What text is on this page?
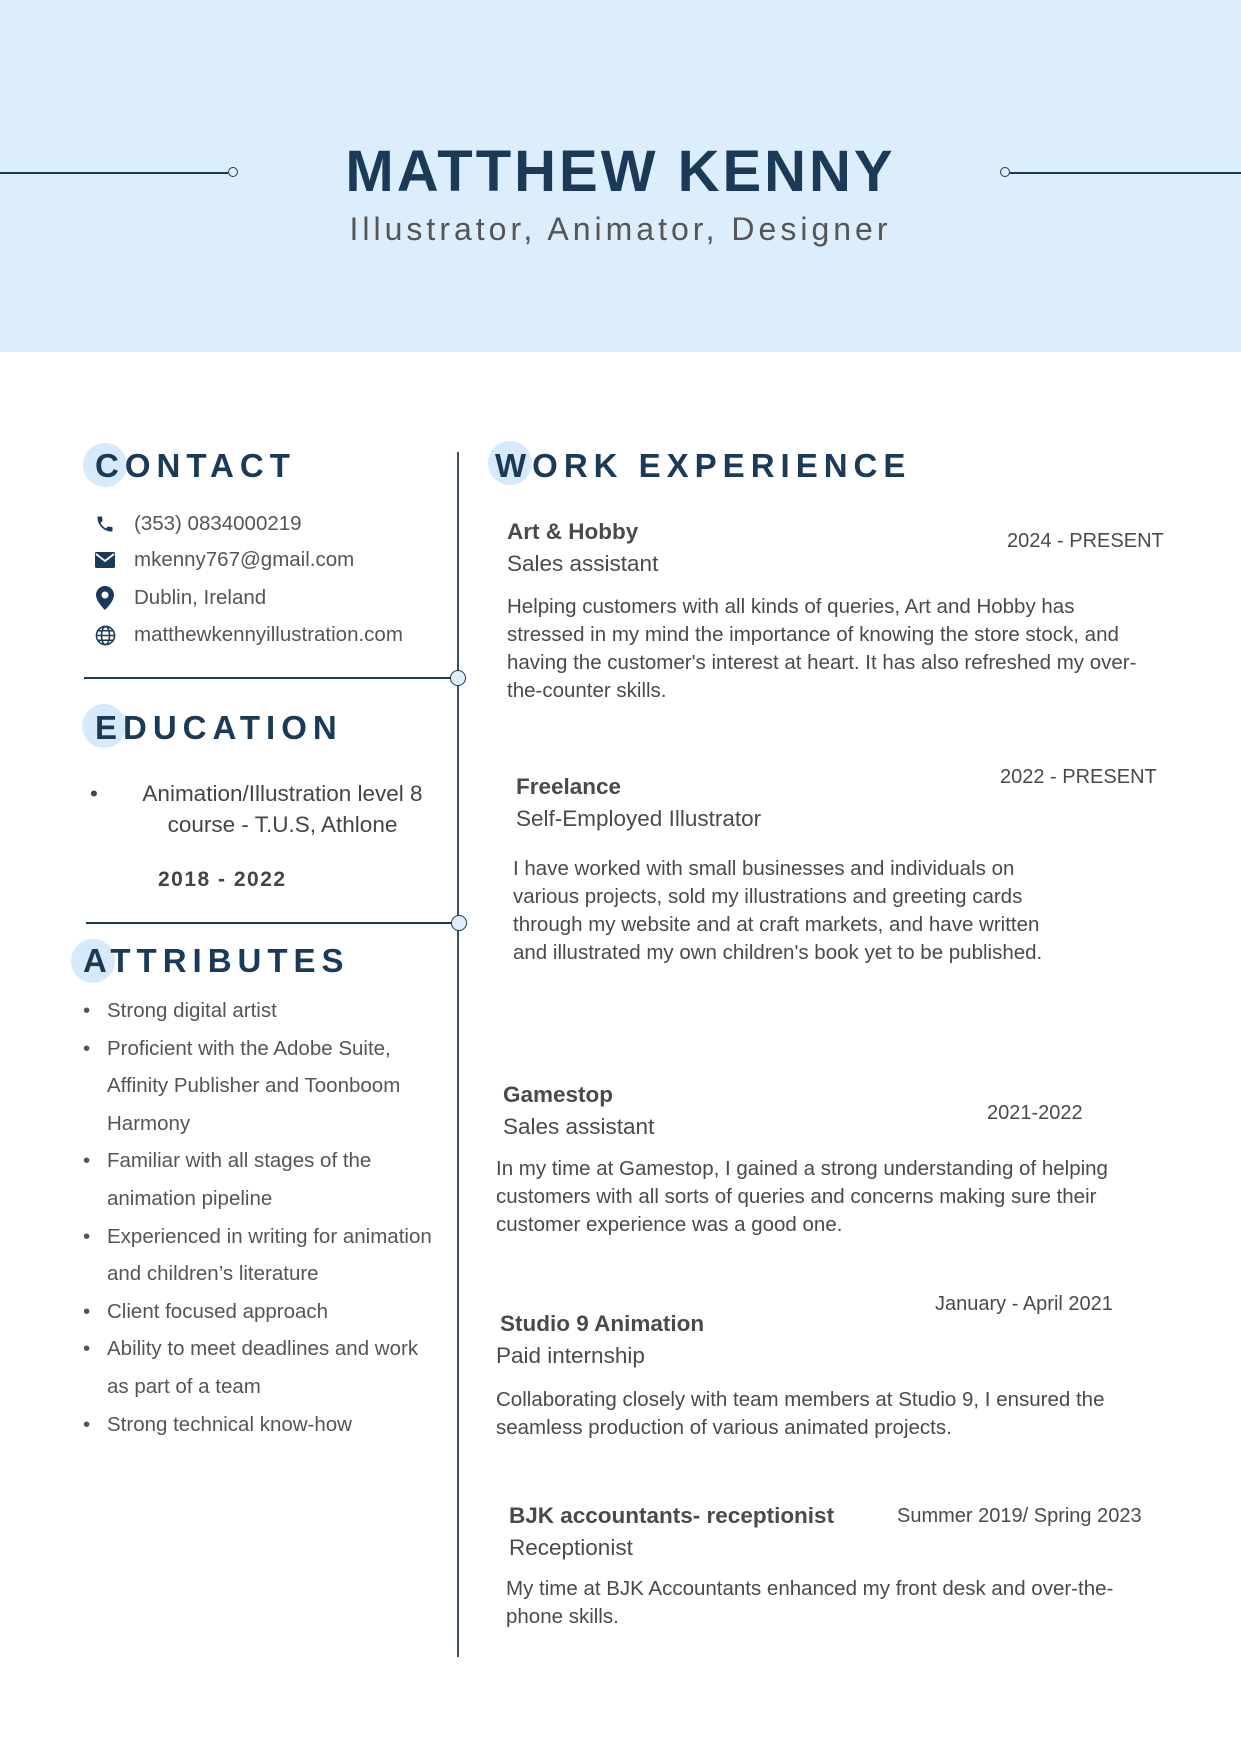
MATTHEW KENNY
Illustrator, Animator, Designer
CONTACT
(353) 0834000219
mkenny767@gmail.com
Dublin, Ireland
matthewkennyillustration.com
EDUCATION
•	Animation/Illustration level 8 course - T.U.S, Athlone
2018 - 2022
ATTRIBUTES
• Strong digital artist
• Proficient with the Adobe Suite, Affinity Publisher and Toonboom Harmony
• Familiar with all stages of the animation pipeline
• Experienced in writing for animation and children’s literature
• Client focused approach
• Ability to meet deadlines and work as part of a team
• Strong technical know-how
WORK EXPERIENCE
Art & Hobby
Sales assistant
2024 - PRESENT

Helping customers with all kinds of queries, Art and Hobby has stressed in my mind the importance of knowing the store stock, and having the customer's interest at heart. It has also refreshed my over-the-counter skills.

Freelance
Self-Employed Illustrator
2022 - PRESENT

I have worked with small businesses and individuals on various projects, sold my illustrations and greeting cards through my website and at craft markets, and have written and illustrated my own children's book yet to be published.

Gamestop
Sales assistant
2021-2022

In my time at Gamestop, I gained a strong understanding of helping customers with all sorts of queries and concerns making sure their customer experience was a good one.

Studio 9 Animation
Paid internship
January - April 2021

Collaborating closely with team members at Studio 9, I ensured the seamless production of various animated projects.

BJK accountants- receptionist
Receptionist
Summer 2019/ Spring 2023

My time at BJK Accountants enhanced my front desk and over-the-phone skills.
